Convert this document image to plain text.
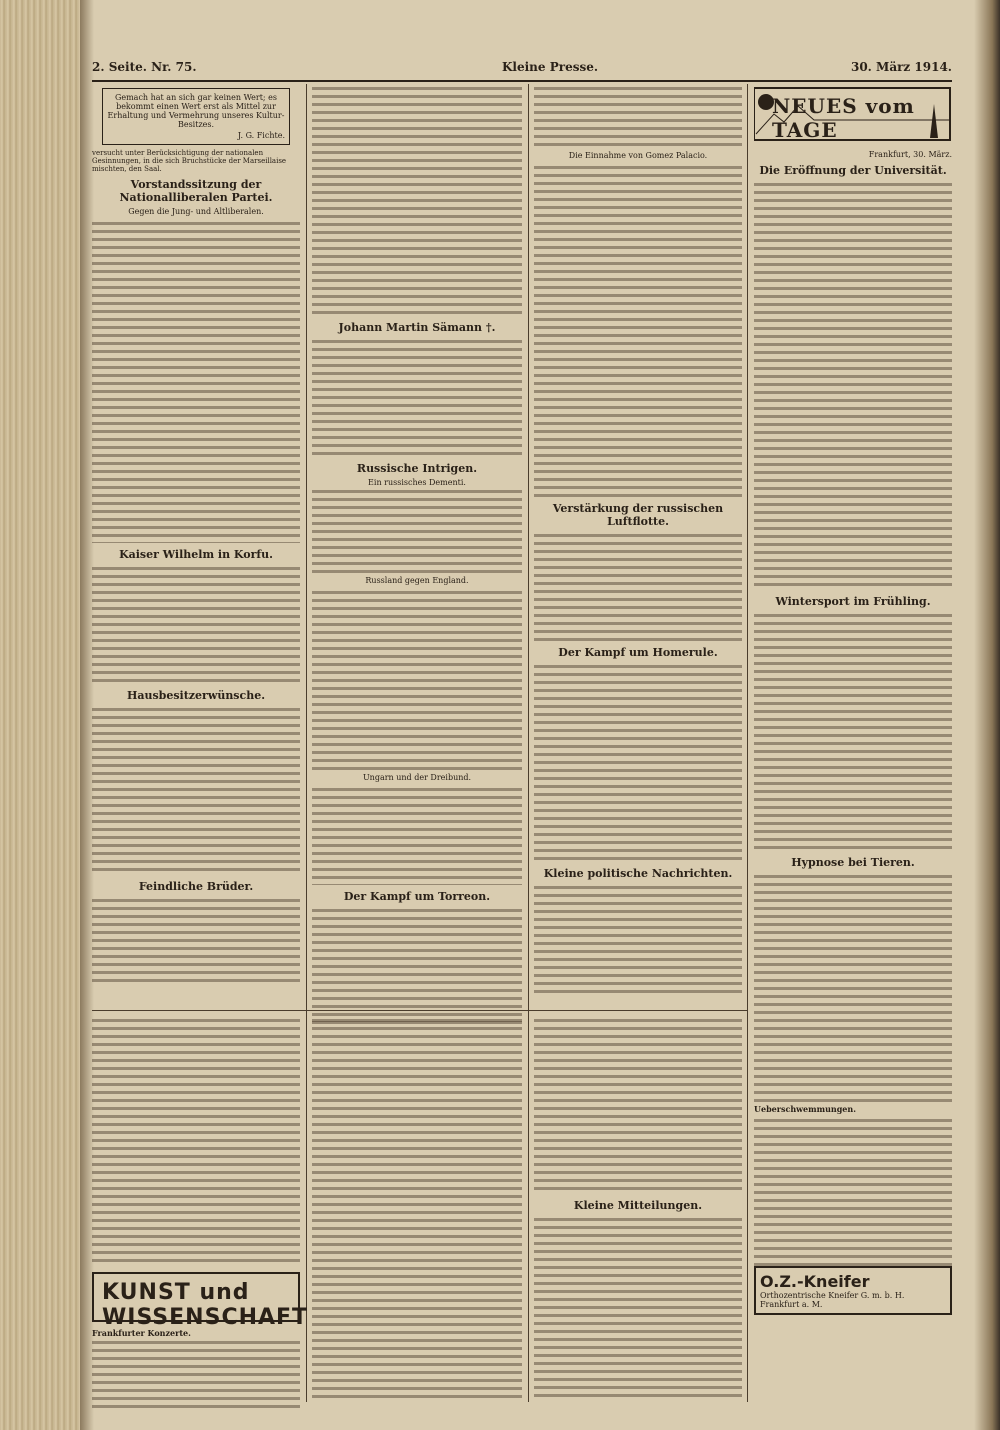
2. Seite. Nr. 75.	Kleine Presse.	30. März 1914.
Gemach hat an sich gar keinen Wert; es bekommt einen Wert erst als Mittel zur Erhaltung und Vermehrung unseres Kultur-Besitzes.
J. G. Fichte.
versucht unter Berücksichtigung der nationalen Gesinnungen, in die sich Bruchstücke der Marseillaise mischten, den Saal.
Vorstandssitzung der Nationalliberalen Partei.
Gegen die Jung- und Altliberalen.
Kaiser Wilhelm in Korfu.
Hausbesitzerwünsche.
Feindliche Brüder.
Johann Martin Sämann †.
Russische Intrigen.
Ein russisches Dementi.
Russland gegen England.
Ungarn und der Dreibund.
Der Kampf um Torreon.
Die Einnahme von Gomez Palacio.
Verstärkung der russischen Luftflotte.
Der Kampf um Homerule.
Kleine politische Nachrichten.
KUNST und WISSENSCHAFT
Frankfurter Konzerte.
Kleine Mitteilungen.
NEUES vom TAGE
Frankfurt, 30. März.
Die Eröffnung der Universität.
Wintersport im Frühling.
Hypnose bei Tieren.
Ueberschwemmungen.
O.Z.-Kneifer
Orthozentrische Kneifer G. m. b. H.
Frankfurt a. M.
